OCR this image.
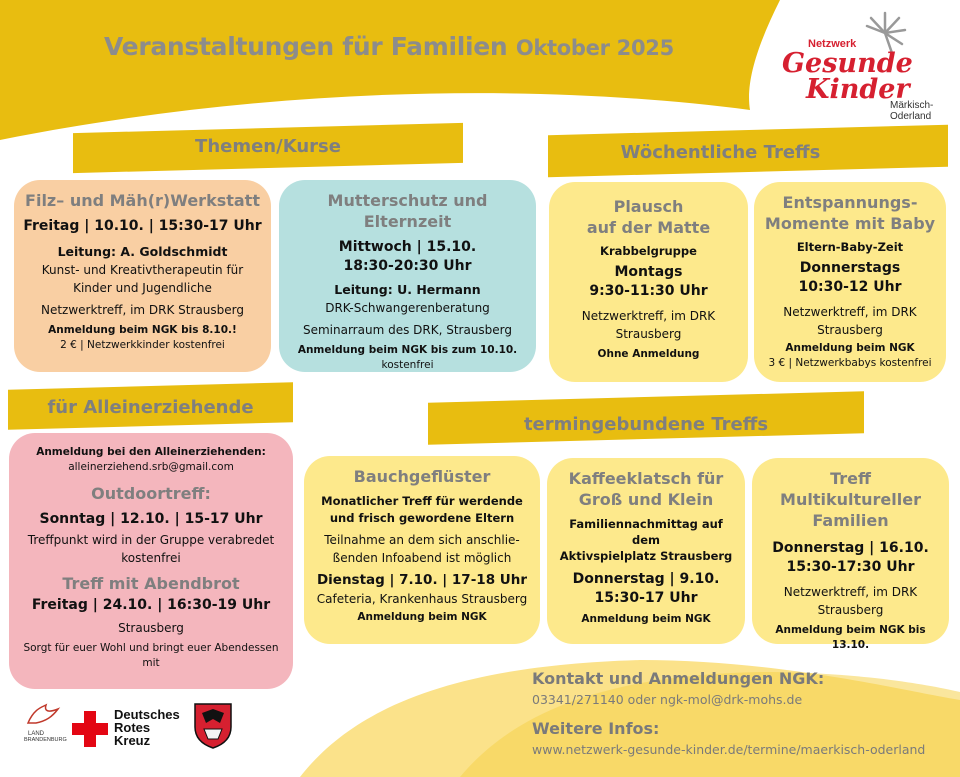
Veranstaltungen für Familien Oktober 2025	Netzwerk
Gesunde
Kinder
Märkisch-
Oderland
Themen/Kurse	Wöchentliche Treffs
für Alleinerziehende
termingebundene Treffs
Filz– und Mäh(r)Werkstatt
Freitag | 10.10. | 15:30-17 Uhr
Leitung: A. Goldschmidt
Kunst- und Kreativtherapeutin für
Kinder und Jugendliche
Netzwerktreff, im DRK Strausberg
Anmeldung beim NGK bis 8.10.!
2 € | Netzwerkkinder kostenfrei
Mutterschutz und Elternzeit
Mittwoch | 15.10.
18:30-20:30 Uhr
Leitung: U. Hermann
DRK-Schwangerenberatung
Seminarraum des DRK, Strausberg
Anmeldung beim NGK bis zum 10.10.
kostenfrei
Plausch
auf der Matte
Krabbelgruppe
Montags
9:30-11:30 Uhr
Netzwerktreff, im DRK
Strausberg
Ohne Anmeldung
Entspannungs-
Momente mit Baby
Eltern-Baby-Zeit
Donnerstags
10:30-12 Uhr
Netzwerktreff, im DRK
Strausberg
Anmeldung beim NGK
3 € | Netzwerkbabys kostenfrei
Anmeldung bei den Alleinerziehenden:
alleinerziehend.srb@gmail.com
Outdoortreff:
Sonntag | 12.10. | 15-17 Uhr
Treffpunkt wird in der Gruppe verabredet
kostenfrei
Treff mit Abendbrot
Freitag | 24.10. | 16:30-19 Uhr
Strausberg
Sorgt für euer Wohl und bringt euer Abendessen
mit
Bauchgeflüster
Monatlicher Treff für werdende
und frisch gewordene Eltern
Teilnahme an dem sich anschlie-
ßenden Infoabend ist möglich
Dienstag | 7.10. | 17-18 Uhr
Cafeteria, Krankenhaus Strausberg
Anmeldung beim NGK
Kaffeeklatsch für
Groß und Klein
Familiennachmittag auf dem
Aktivspielplatz Strausberg
Donnerstag | 9.10.
15:30-17 Uhr
Anmeldung beim NGK
Treff Multikultureller
Familien
Donnerstag | 16.10.
15:30-17:30 Uhr
Netzwerktreff, im DRK
Strausberg
Anmeldung beim NGK bis 13.10.
Kontakt und Anmeldungen NGK:
03341/271140 oder ngk-mol@drk-mohs.de
Weitere Infos:
www.netzwerk-gesunde-kinder.de/termine/maerkisch-oderland
LAND
BRANDENBURG
Deutsches
Rotes
Kreuz
